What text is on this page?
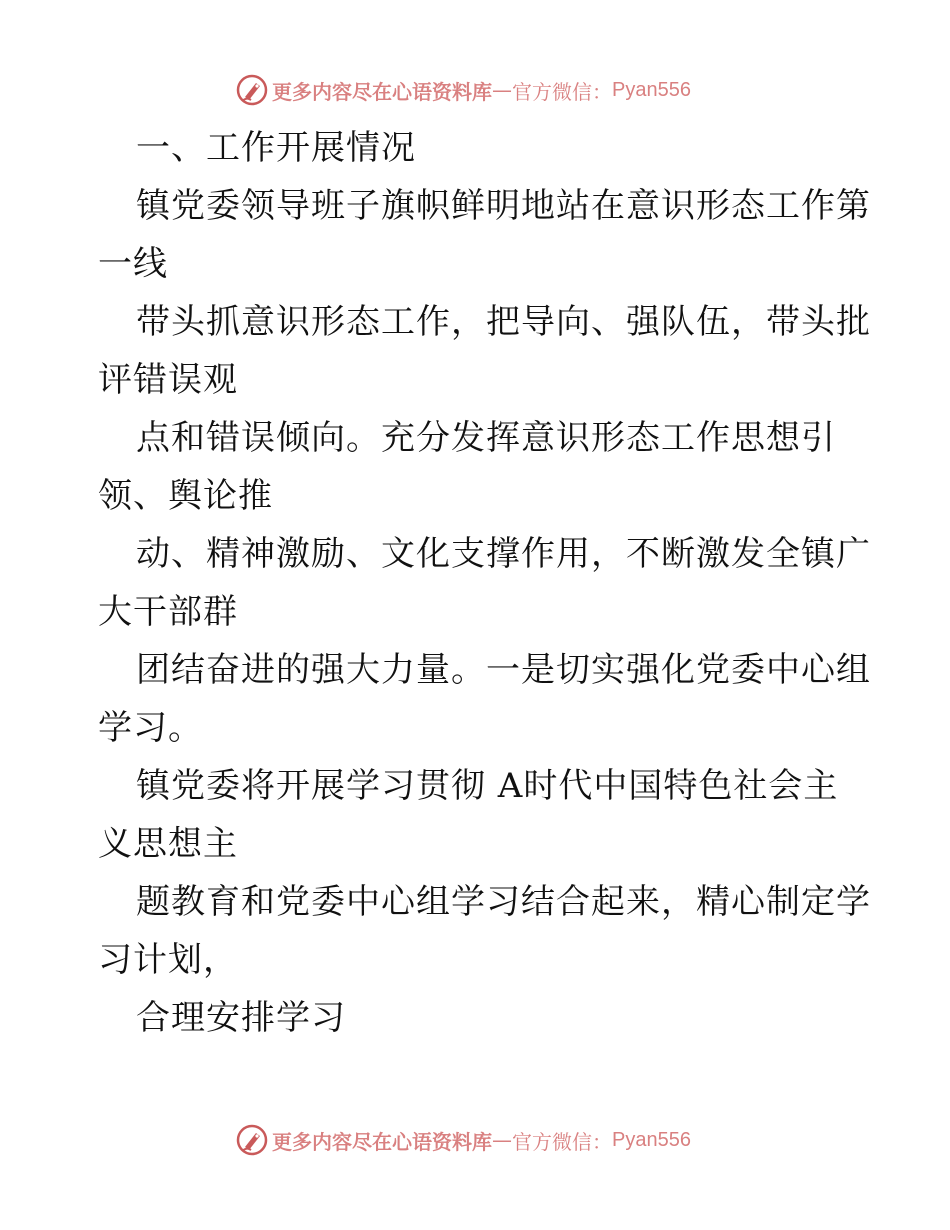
更多内容尽在心语资料库 — 官方微信： Pyan556

一、工作开展情况

镇党委领导班子旗帜鲜明地站在意识形态工作第

一线

带头抓意识形态工作，把导向、强队伍，带头批

评错误观

点和错误倾向。充分发挥意识形态工作思想引

领、舆论推

动、精神激励、文化支撑作用，不断激发全镇广

大干部群

团结奋进的强大力量。一是切实强化党委中心组

学习。

镇党委将开展学习贯彻 A时代中国特色社会主

义思想主

题教育和党委中心组学习结合起来，精心制定学

习计划，

合理安排学习

更多内容尽在心语资料库 — 官方微信： Pyan556
